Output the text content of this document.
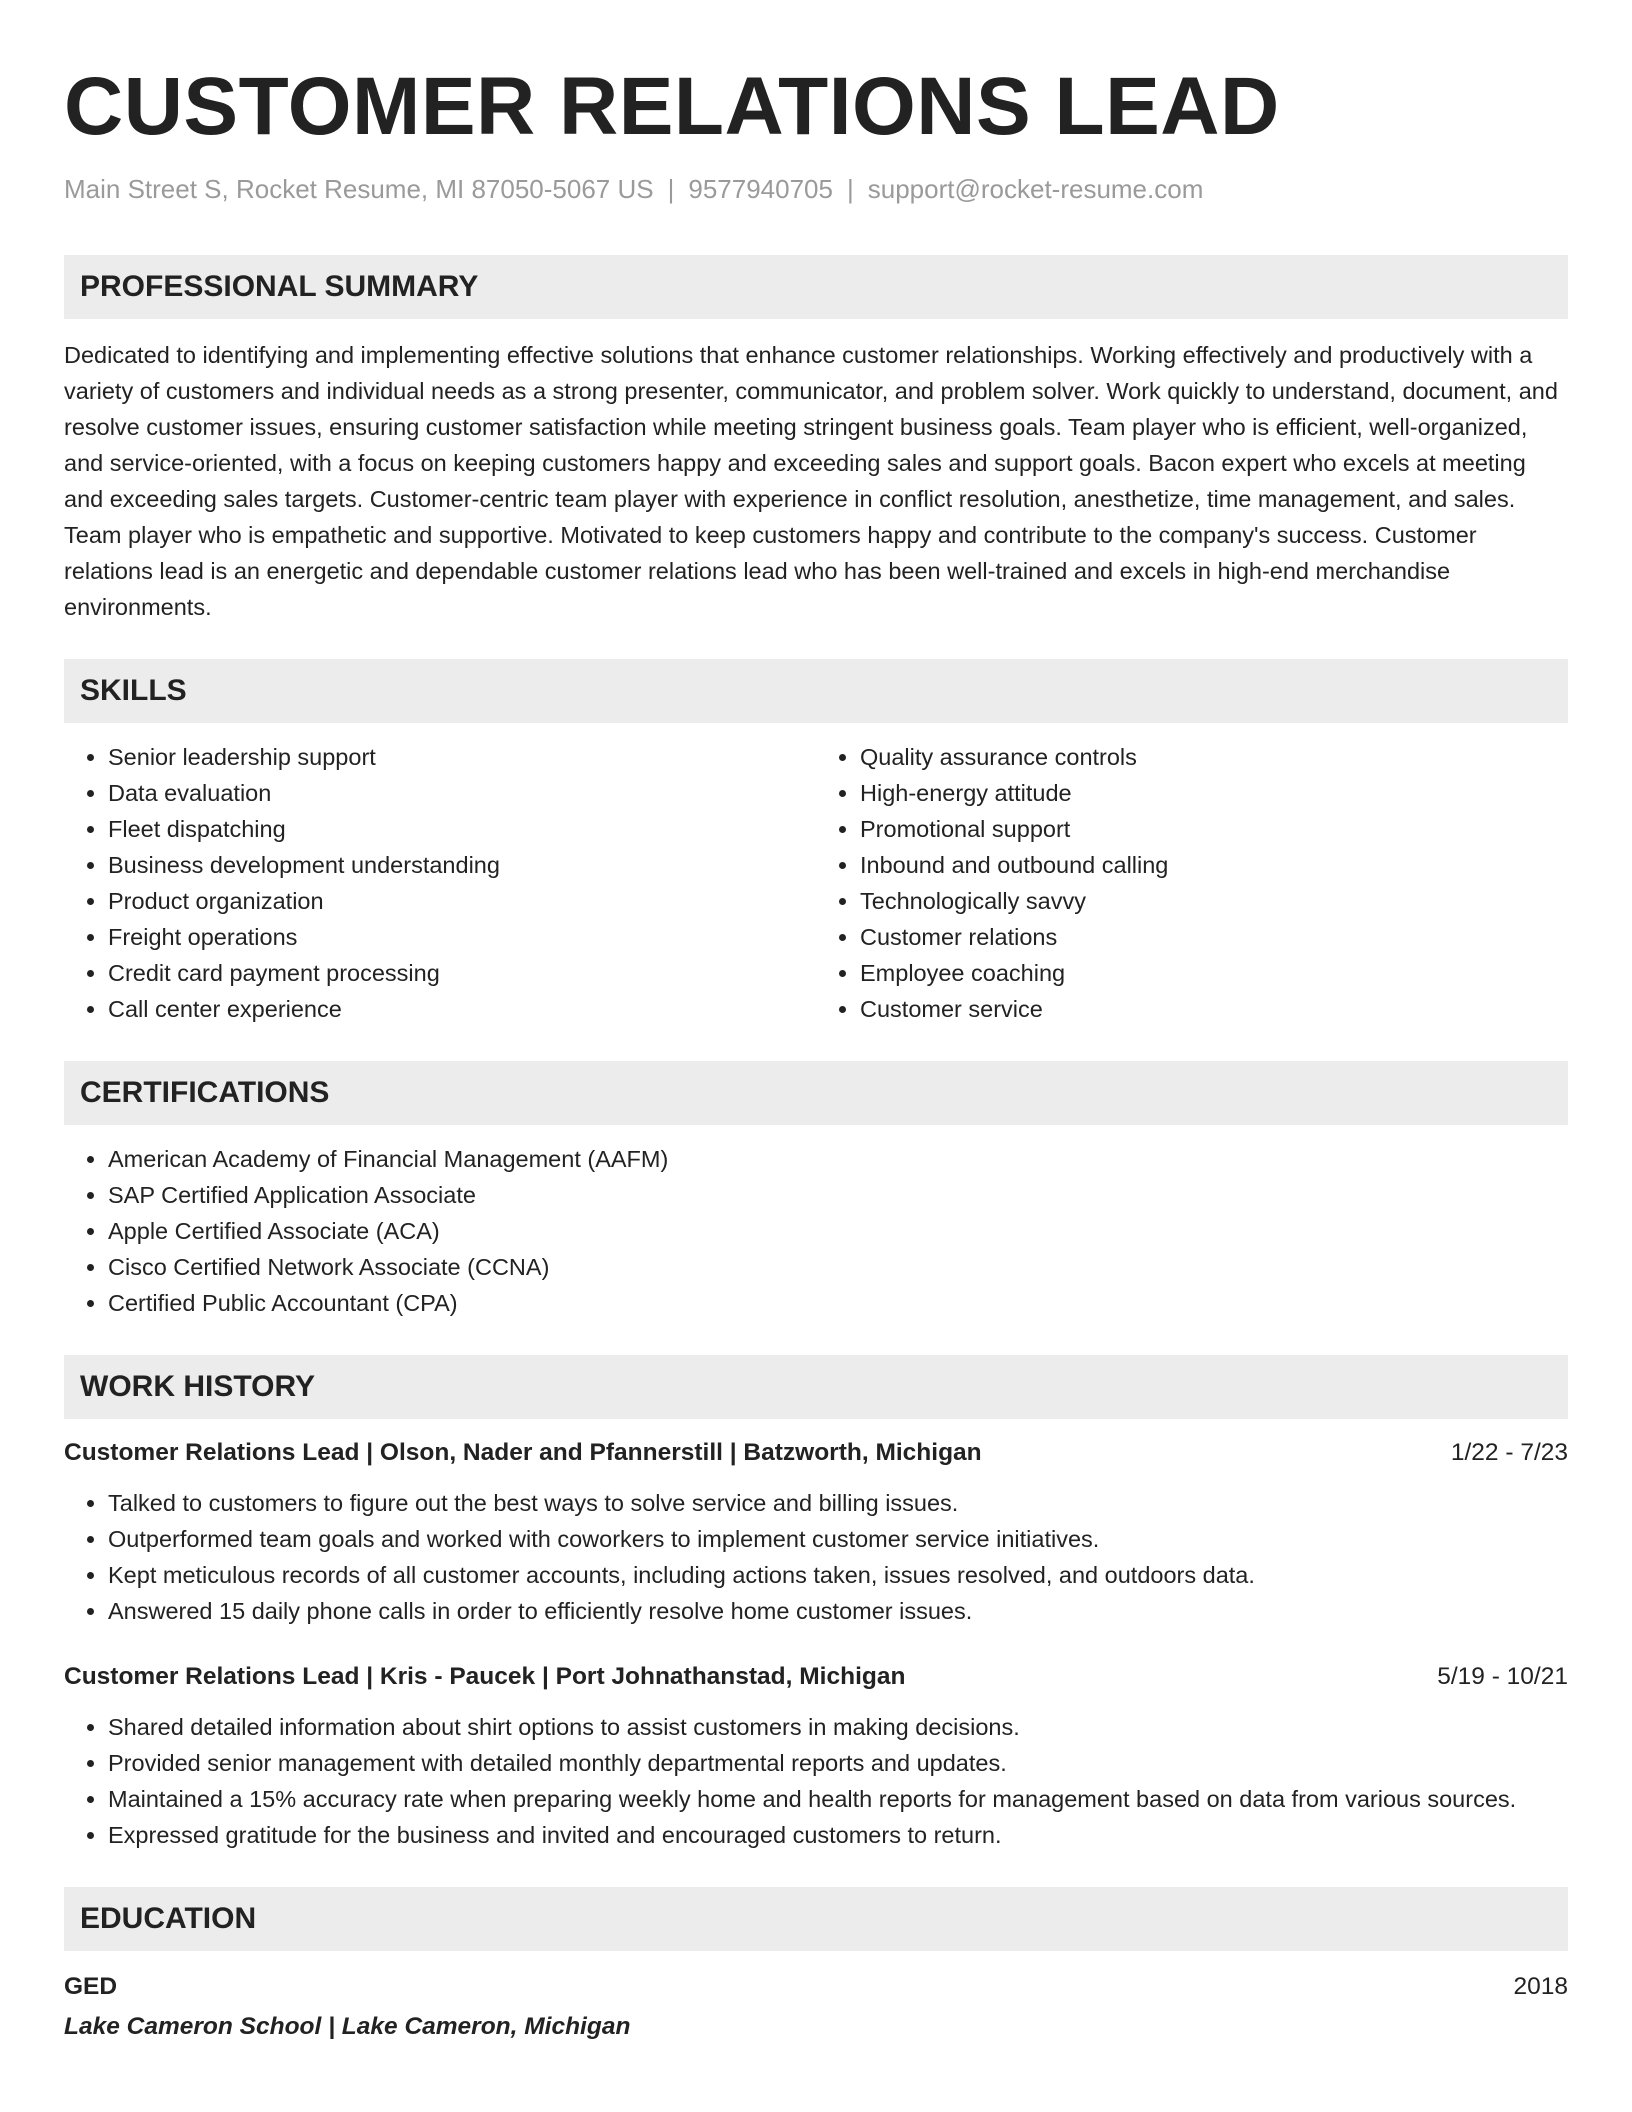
CUSTOMER RELATIONS LEAD
Main Street S, Rocket Resume, MI 87050-5067 US | 9577940705 | support@rocket-resume.com
PROFESSIONAL SUMMARY

Dedicated to identifying and implementing effective solutions that enhance customer relationships. Working effectively and productively with a variety of customers and individual needs as a strong presenter, communicator, and problem solver. Work quickly to understand, document, and resolve customer issues, ensuring customer satisfaction while meeting stringent business goals. Team player who is efficient, well-organized, and service-oriented, with a focus on keeping customers happy and exceeding sales and support goals. Bacon expert who excels at meeting and exceeding sales targets. Customer-centric team player with experience in conflict resolution, anesthetize, time management, and sales. Team player who is empathetic and supportive. Motivated to keep customers happy and contribute to the company's success. Customer relations lead is an energetic and dependable customer relations lead who has been well-trained and excels in high-end merchandise environments.

SKILLS
• Senior leadership support
• Data evaluation
• Fleet dispatching
• Business development understanding
• Product organization
• Freight operations
• Credit card payment processing
• Call center experience
• Quality assurance controls
• High-energy attitude
• Promotional support
• Inbound and outbound calling
• Technologically savvy
• Customer relations
• Employee coaching
• Customer service
CERTIFICATIONS
• American Academy of Financial Management (AAFM)
• SAP Certified Application Associate
• Apple Certified Associate (ACA)
• Cisco Certified Network Associate (CCNA)
• Certified Public Accountant (CPA)
WORK HISTORY
Customer Relations Lead | Olson, Nader and Pfannerstill | Batzworth, Michigan	1/22 - 7/23
• Talked to customers to figure out the best ways to solve service and billing issues.
• Outperformed team goals and worked with coworkers to implement customer service initiatives.
• Kept meticulous records of all customer accounts, including actions taken, issues resolved, and outdoors data.
• Answered 15 daily phone calls in order to efficiently resolve home customer issues.
Customer Relations Lead | Kris - Paucek | Port Johnathanstad, Michigan	5/19 - 10/21
• Shared detailed information about shirt options to assist customers in making decisions.
• Provided senior management with detailed monthly departmental reports and updates.
• Maintained a 15% accuracy rate when preparing weekly home and health reports for management based on data from various sources.
• Expressed gratitude for the business and invited and encouraged customers to return.
EDUCATION
GED	2018
Lake Cameron School | Lake Cameron, Michigan
